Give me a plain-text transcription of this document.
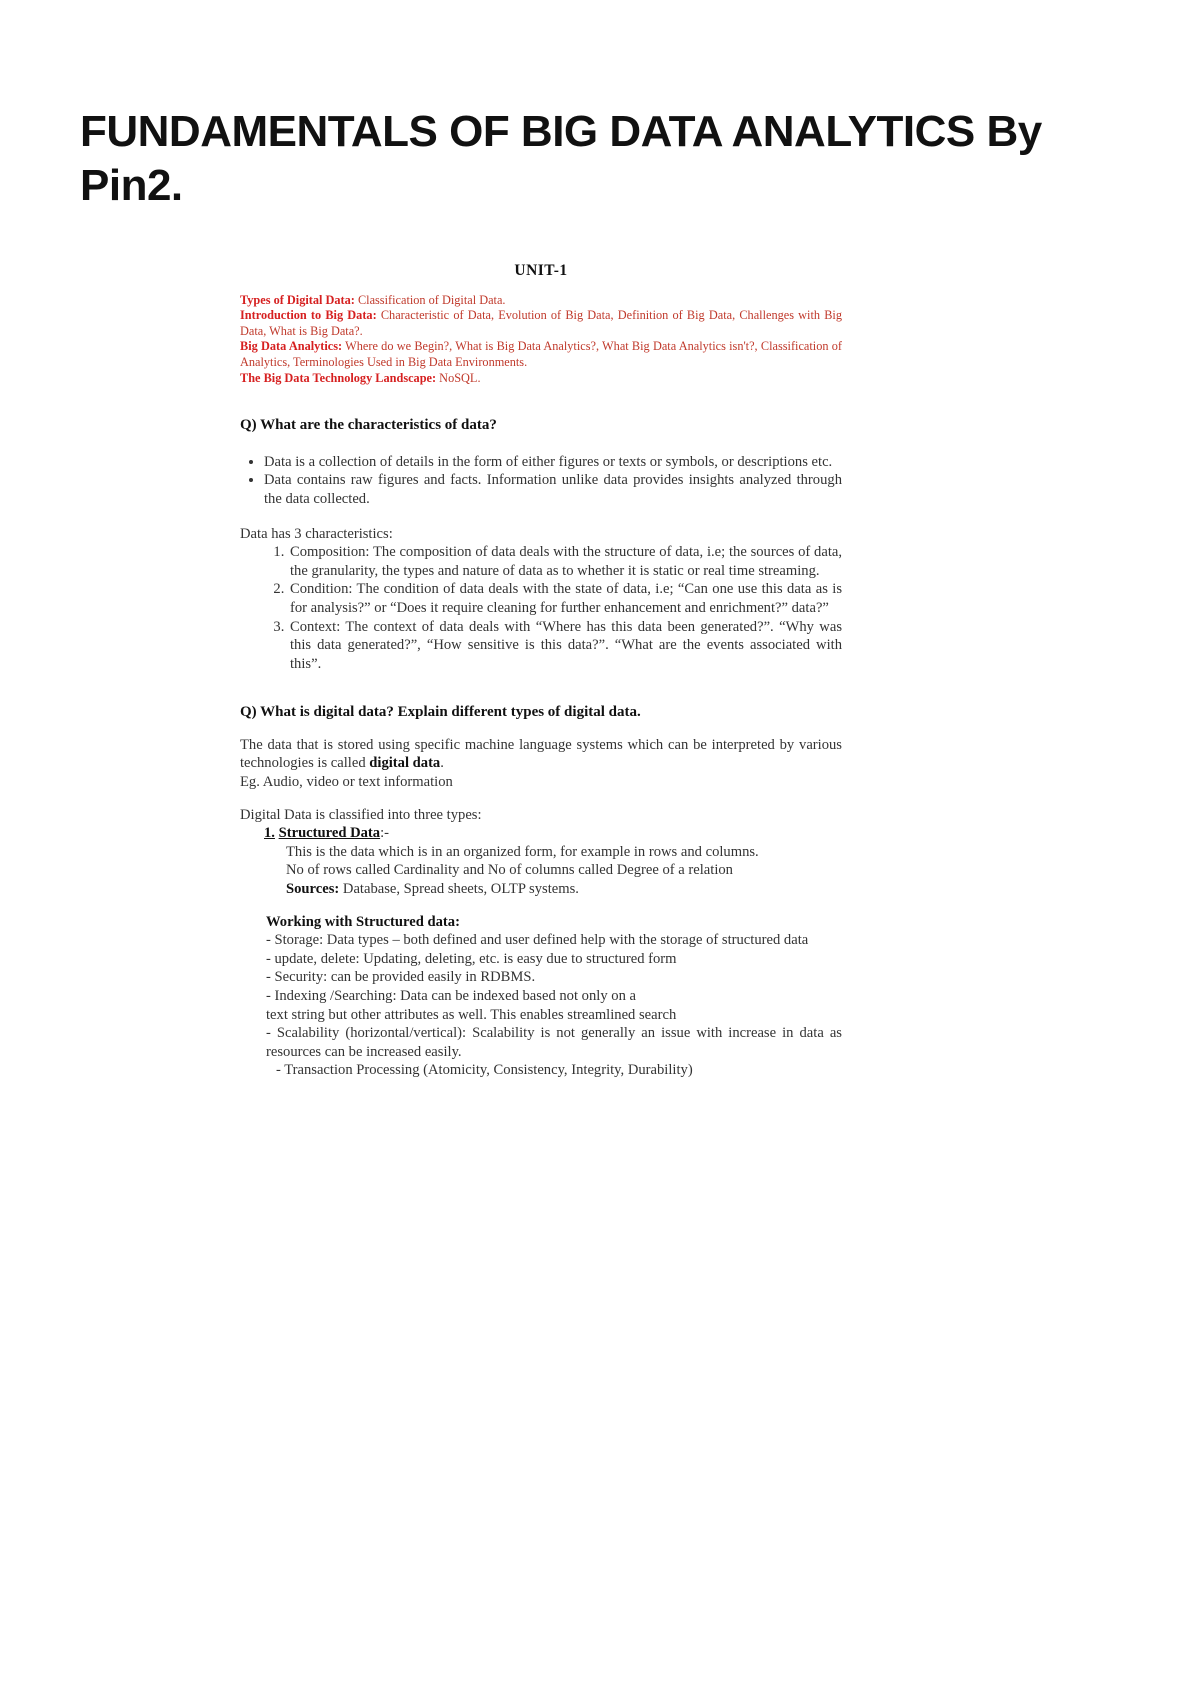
FUNDAMENTALS OF BIG DATA ANALYTICS By Pin2.
UNIT-1
Types of Digital Data: Classification of Digital Data.
Introduction to Big Data: Characteristic of Data, Evolution of Big Data, Definition of Big Data, Challenges with Big Data, What is Big Data?.
Big Data Analytics: Where do we Begin?, What is Big Data Analytics?, What Big Data Analytics isn't?, Classification of Analytics, Terminologies Used in Big Data Environments.
The Big Data Technology Landscape: NoSQL.

Q) What are the characteristics of data?

• Data is a collection of details in the form of either figures or texts or symbols, or descriptions etc.
• Data contains raw figures and facts. Information unlike data provides insights analyzed through the data collected.

Data has 3 characteristics:

1. Composition: The composition of data deals with the structure of data, i.e; the sources of data, the granularity, the types and nature of data as to whether it is static or real time streaming.
2. Condition: The condition of data deals with the state of data, i.e; “Can one use this data as is for analysis?” or “Does it require cleaning for further enhancement and enrichment?” data?”
3. Context: The context of data deals with “Where has this data been generated?”. “Why was this data generated?”, “How sensitive is this data?”. “What are the events associated with this”.

Q) What is digital data? Explain different types of digital data.

The data that is stored using specific machine language systems which can be interpreted by various technologies is called digital data.

Eg. Audio, video or text information

Digital Data is classified into three types:

1. Structured Data:-

This is the data which is in an organized form, for example in rows and columns.

No of rows called Cardinality and No of columns called Degree of a relation

Sources: Database, Spread sheets, OLTP systems.

Working with Structured data:

- Storage: Data types – both defined and user defined help with the storage of structured data

- update, delete: Updating, deleting, etc. is easy due to structured form

- Security: can be provided easily in RDBMS.

- Indexing /Searching: Data can be indexed based not only on a

text string but other attributes as well. This enables streamlined search

- Scalability (horizontal/vertical): Scalability is not generally an issue with increase in data as resources can be increased easily.

- Transaction Processing (Atomicity, Consistency, Integrity, Durability)
